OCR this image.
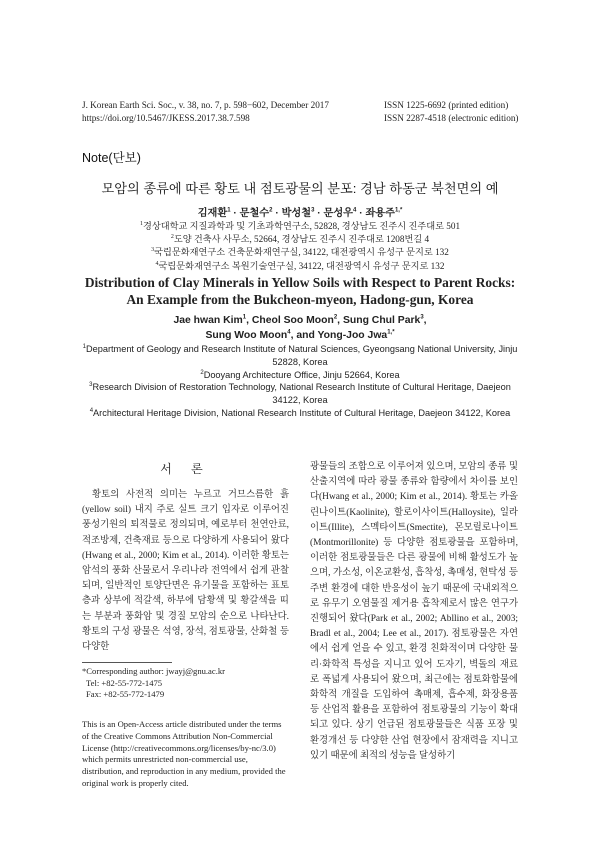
J. Korean Earth Sci. Soc., v. 38, no. 7, p. 598−602, December 2017
https://doi.org/10.5467/JKESS.2017.38.7.598
ISSN 1225-6692 (printed edition)
ISSN 2287-4518 (electronic edition)
Note(단보)
모암의 종류에 따른 황토 내 점토광물의 분포: 경남 하동군 북천면의 예
김재환$^1$ · 문철수$^2$ · 박성철$^3$ · 문성우$^4$ · 좌용주$^{1,*}$
$^1$경상대학교 지질과학과 및 기초과학연구소, 52828, 경상남도 진주시 진주대로 501
$^2$도양 건축사 사무소, 52664, 경상남도 진주시 진주대로 1208번길 4
$^3$국립문화재연구소 건축문화재연구실, 34122, 대전광역시 유성구 문지로 132
$^4$국립문화재연구소 복원기술연구실, 34122, 대전광역시 유성구 문지로 132
Distribution of Clay Minerals in Yellow Soils with Respect to Parent Rocks:
An Example from the Bukcheon-myeon, Hadong-gun, Korea
Jae hwan Kim$^1$, Cheol Soo Moon$^2$, Sung Chul Park$^3$,
Sung Woo Moon$^4$, and Yong-Joo Jwa$^{1,*}$
$^1$Department of Geology and Research Institute of Natural Sciences, Gyeongsang National University, Jinju 52828, Korea
$^2$Dooyang Architecture Office, Jinju 52664, Korea
$^3$Research Division of Restoration Technology, National Research Institute of Cultural Heritage, Daejeon 34122, Korea
$^4$Architectural Heritage Division, National Research Institute of Cultural Heritage, Daejeon 34122, Korea
서 론

황토의 사전적 의미는 누르고 거므스름한 흙(yellow soil) 내지 주로 실트 크기 입자로 이루어진 풍성기원의 퇴적물로 정의되며, 예로부터 천연안료, 적조방제, 건축재료 등으로 다양하게 사용되어 왔다(Hwang et al., 2000; Kim et al., 2014). 이러한 황토는 암석의 풍화 산물로서 우리나라 전역에서 쉽게 관찰되며, 일반적인 토양단면은 유기물을 포함하는 표토층과 상부에 적갈색, 하부에 담황색 및 황갈색을 띠는 부분과 풍화암 및 경질 모암의 순으로 나타난다. 황토의 구성 광물은 석영, 장석, 점토광물, 산화철 등 다양한

광물들의 조합으로 이루어져 있으며, 모암의 종류 및 산출지역에 따라 광물 종류와 함량에서 차이를 보인다(Hwang et al., 2000; Kim et al., 2014). 황토는 카올린나이트(Kaolinite), 할로이사이트(Halloysite), 일라이트(Illite), 스멕타이트(Smectite), 몬모릴로나이트(Montmorillonite) 등 다양한 점토광물을 포함하며, 이러한 점토광물들은 다른 광물에 비해 활성도가 높으며, 가소성, 이온교환성, 흡착성, 촉매성, 현탁성 등 주변 환경에 대한 반응성이 높기 때문에 국내외적으로 유무기 오염물질 제거용 흡착제로서 많은 연구가 진행되어 왔다(Park et al., 2002; Abllino et al., 2003; Bradl et al., 2004; Lee et al., 2017). 점토광물은 자연에서 쉽게 얻을 수 있고, 환경 친화적이며 다양한 물리·화학적 특성을 지니고 있어 도자기, 벽돌의 재료로 폭넓게 사용되어 왔으며, 최근에는 점토화합물에 화학적 개질을 도입하여 촉매제, 흡수제, 화장용품 등 산업적 활용을 포함하여 점토광물의 기능이 확대 되고 있다. 상기 언급된 점토광물들은 식품 포장 및 환경개선 등 다양한 산업 현장에서 잠재력을 지니고 있기 때문에 최적의 성능을 달성하기

*Corresponding author: jwayj@gnu.ac.kr
Tel: +82-55-772-1475
Fax: +82-55-772-1479
This is an Open-Access article distributed under the terms of the Creative Commons Attribution Non-Commercial License (http://creativecommons.org/licenses/by-nc/3.0) which permits unrestricted non-commercial use, distribution, and reproduction in any medium, provided the original work is properly cited.
